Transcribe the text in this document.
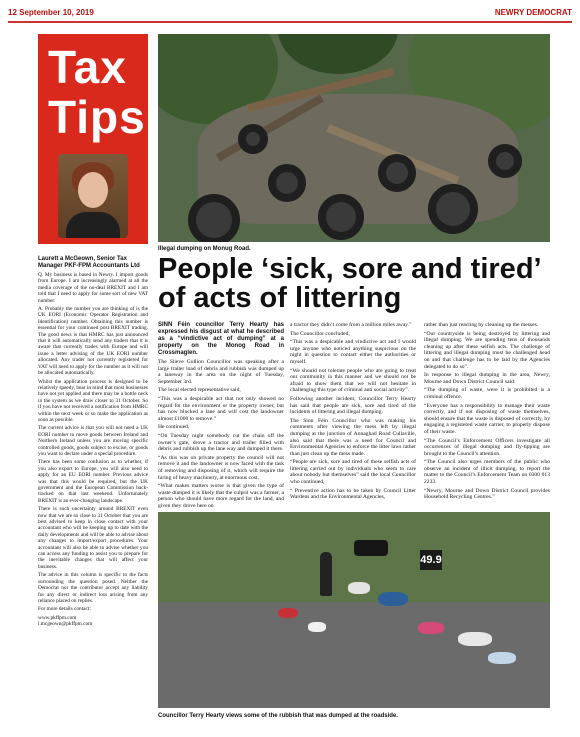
12 September 10, 2019	NEWRY DEMOCRAT
Tax
Tips
Laurett a McGeown, Senior Tax Manager PKF-FPM Accountants Ltd

Q. My business is based in Newry. I import goods from Europe. I am increasingly alarmed at all the media coverage of the no-deal BREXIT and I am told that I need to apply for some sort of new VAT number.

A. Probably the number you are thinking of is the UK EORI (Economic Operator Registration and Identification) number. Obtaining this number is essential for your continued post BREXIT trading. The good news is that HMRC has just announced that it will automatically send any traders that it is aware that currently trades with Europe and will issue a letter advising of the UK EORI number allocated. Any trader not currently registered for VAT will need to apply for the number as it will not be allocated automatically.

Whilst the application process is designed to be relatively speedy, bear in mind that most businesses have not yet applied and there may be a bottle neck in the system as we draw closer to 31 October. So if you have not received a notification from HMRC within the next week or so make the application as soon as possible.

The current advice is that you will not need a UK EORI number to move goods between Ireland and Northern Ireland unless you are moving specific controlled goods, goods subject to excise, or goods you want to declare under a special procedure.

There has been some confusion as to whether, if you also export to Europe, you will also need to apply for an EU EORI number. Previous advice was that this would be required, but the UK government and the European Commission back-tracked on that last weekend. Unfortunately BREXIT is an ever-changing landscape.

There is such uncertainty around BREXIT even now that we are so close to 31 October that you are best advised to keep in close contact with your accountant who will be keeping up to date with the daily developments and will be able to advise about any changes to import/export procedures. Your accountant will also be able to advise whether you can access any funding to assist you to prepare for the inevitable changes that will affect your business.

The advice in this column is specific to the facts surrounding the question posed. Neither the Democrat nor the contributor accept any liability for any direct or indirect loss arising from any reliance placed on replies.

For more details contact:

www.pkffpm.com

l.mcgeown@pkffpm.com

Illegal dumping on Monug Road.
People ‘sick, sore and tired’ of acts of littering

SINN Féin councillor Terry Hearty has expressed his disgust at what he described as a “vindictive act of dumping” at a property on the Monog Road in Crossmaglen.

The Slieve Gullion Councillor was speaking after a large trailer load of debris and rubbish was dumped up a laneway in the area on the night of Tuesday, September 3rd.

The local elected representative said,

“This was a despicable act that not only showed no regard for the environment or the property owner, but has now blocked a lane and will cost the landowner almost £1000 to remove.”

He continued,

“On Tuesday night somebody cut the chain off the owner’s gate, drove a tractor and trailer filled with debris and rubbish up the lane way and dumped it there.

“As this was on private property the council will not remove it and the landowner is now faced with the task of removing and disposing of it, which will require the hiring of heavy machinery, at enormous cost.

“What makes matters worse is that given the type of waste dumped it is likely that the culprit was a farmer, a person who should have more regard for the land, and given they drove here on

a tractor they didn’t come from a million miles away.”

The Councillor concluded,

“This was a despicable and vindictive act and I would urge anyone who noticed anything suspicious on the night in question to contact either the authorities or myself.

“We should not tolerate people who are going to treat our community in this manner and we should not be afraid to show them that we will not hesitate in challenging this type of criminal anti social activity”.

Following another incident, Councillor Terry Hearty has said that people are sick, sore and tired of the incidents of littering and illegal dumping.

The Sinn Féin Councillor who was making his comments after viewing the mess left by illegal dumping at the junction of Annaghad Road Cullaville, also said that there was a need for Council and Environmental Agencies to enforce the litter laws rather than just clean up the mess made.

“People are sick, sore and tired of these selfish acts of littering carried out by individuals who seem to care about nobody but themselves” said the local Councillor who continued,

“ Preventive action has to be taken by Council Litter Wardens and the Environmental Agencies,

rather than just reacting by cleaning up the messes.

“Our countryside is being destroyed by littering and illegal dumping. We are spending tens of thousands cleaning up after these selfish acts. The challenge of littering and illegal dumping must be challenged head on and that challenge has to be laid by the Agencies delegated to do so”.

In response to illegal dumping in the area, Newry, Mourne and Down District Council said:

“The dumping of waste, were it is prohibited is a criminal offence.

“Everyone has a responsibility to manage their waste correctly, and if not disposing of waste themselves, should ensure that the waste is disposed of correctly, by engaging a registered waste carrier, to properly dispose of their waste.

“The Council’s Enforcement Officers investigate all occurrences of illegal dumping and fly-tipping are brought to the Council’s attention.

“The Council also urges members of the public who observe an incident of illicit dumping, to report the matter to the Council’s Enforcement Team on 0300 013 2233.

“Newry, Mourne and Down District Council provides Household Recycling Centres.”

49.9
Councillor Terry Hearty views some of the rubbish that was dumped at the roadside.
